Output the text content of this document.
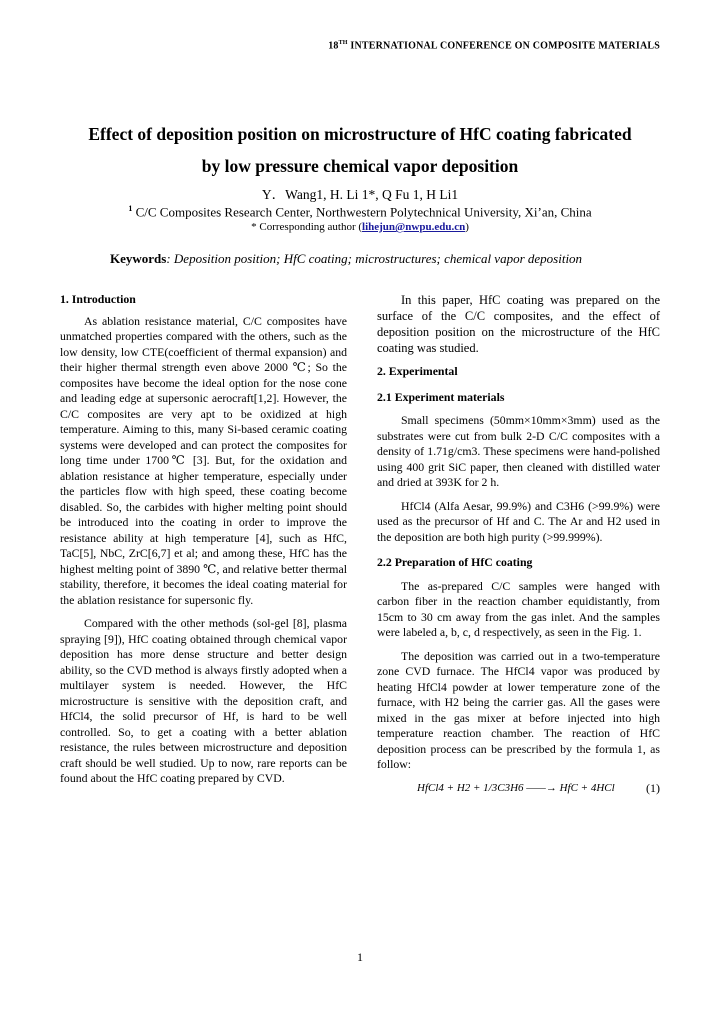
18TH INTERNATIONAL CONFERENCE ON COMPOSITE MATERIALS
Effect of deposition position on microstructure of HfC coating fabricated
by low pressure chemical vapor deposition
Y．Wang1, H. Li 1*, Q Fu 1, H Li1
$^1$ C/C Composites Research Center, Northwestern Polytechnical University, Xi’an, China
* Corresponding author (lihejun@nwpu.edu.cn)
Keywords: Deposition position; HfC coating; microstructures; chemical vapor deposition
1. Introduction

As ablation resistance material, C/C composites have unmatched properties compared with the others, such as the low density, low CTE(coefficient of thermal expansion) and their higher thermal strength even above 2000 ℃; So the composites have become the ideal option for the nose cone and leading edge at supersonic aerocraft[1,2]. However, the C/C composites are very apt to be oxidized at high temperature. Aiming to this, many Si-based ceramic coating systems were developed and can protect the composites for long time under 1700℃ [3]. But, for the oxidation and ablation resistance at higher temperature, especially under the particles flow with high speed, these coating become disabled. So, the carbides with higher melting point should be introduced into the coating in order to improve the resistance ability at high temperature [4], such as HfC, TaC[5], NbC, ZrC[6,7] et al; and among these, HfC has the highest melting point of 3890 ℃, and relative better thermal stability, therefore, it becomes the ideal coating material for the ablation resistance for supersonic fly.

Compared with the other methods (sol-gel [8], plasma spraying [9]), HfC coating obtained through chemical vapor deposition has more dense structure and better design ability, so the CVD method is always firstly adopted when a multilayer system is needed. However, the HfC microstructure is sensitive with the deposition craft, and HfCl4, the solid precursor of Hf, is hard to be well controlled. So, to get a coating with a better ablation resistance, the rules between microstructure and deposition craft should be well studied. Up to now, rare reports can be found about the HfC coating prepared by CVD.

In this paper, HfC coating was prepared on the surface of the C/C composites, and the effect of deposition position on the microstructure of the HfC coating was studied.

2. Experimental
2.1 Experiment materials

Small specimens (50mm×10mm×3mm) used as the substrates were cut from bulk 2-D C/C composites with a density of 1.71g/cm3. These specimens were hand-polished using 400 grit SiC paper, then cleaned with distilled water and dried at 393K for 2 h.

HfCl4 (Alfa Aesar, 99.9%) and C3H6 (>99.9%) were used as the precursor of Hf and C. The Ar and H2 used in the deposition are both high purity (>99.999%).

2.2 Preparation of HfC coating

The as-prepared C/C samples were hanged with carbon fiber in the reaction chamber equidistantly, from 15cm to 30 cm away from the gas inlet. And the samples were labeled a, b, c, d respectively, as seen in the Fig. 1.

The deposition was carried out in a two-temperature zone CVD furnace. The HfCl4 vapor was produced by heating HfCl4 powder at lower temperature zone of the furnace, with H2 being the carrier gas. All the gases were mixed in the gas mixer at before injected into high temperature reaction chamber. The reaction of HfC deposition process can be prescribed by the formula 1, as follow:

HfCl4 + H2 + 1/3C3H6 ——→ HfC + 4HCl	(1)
1
